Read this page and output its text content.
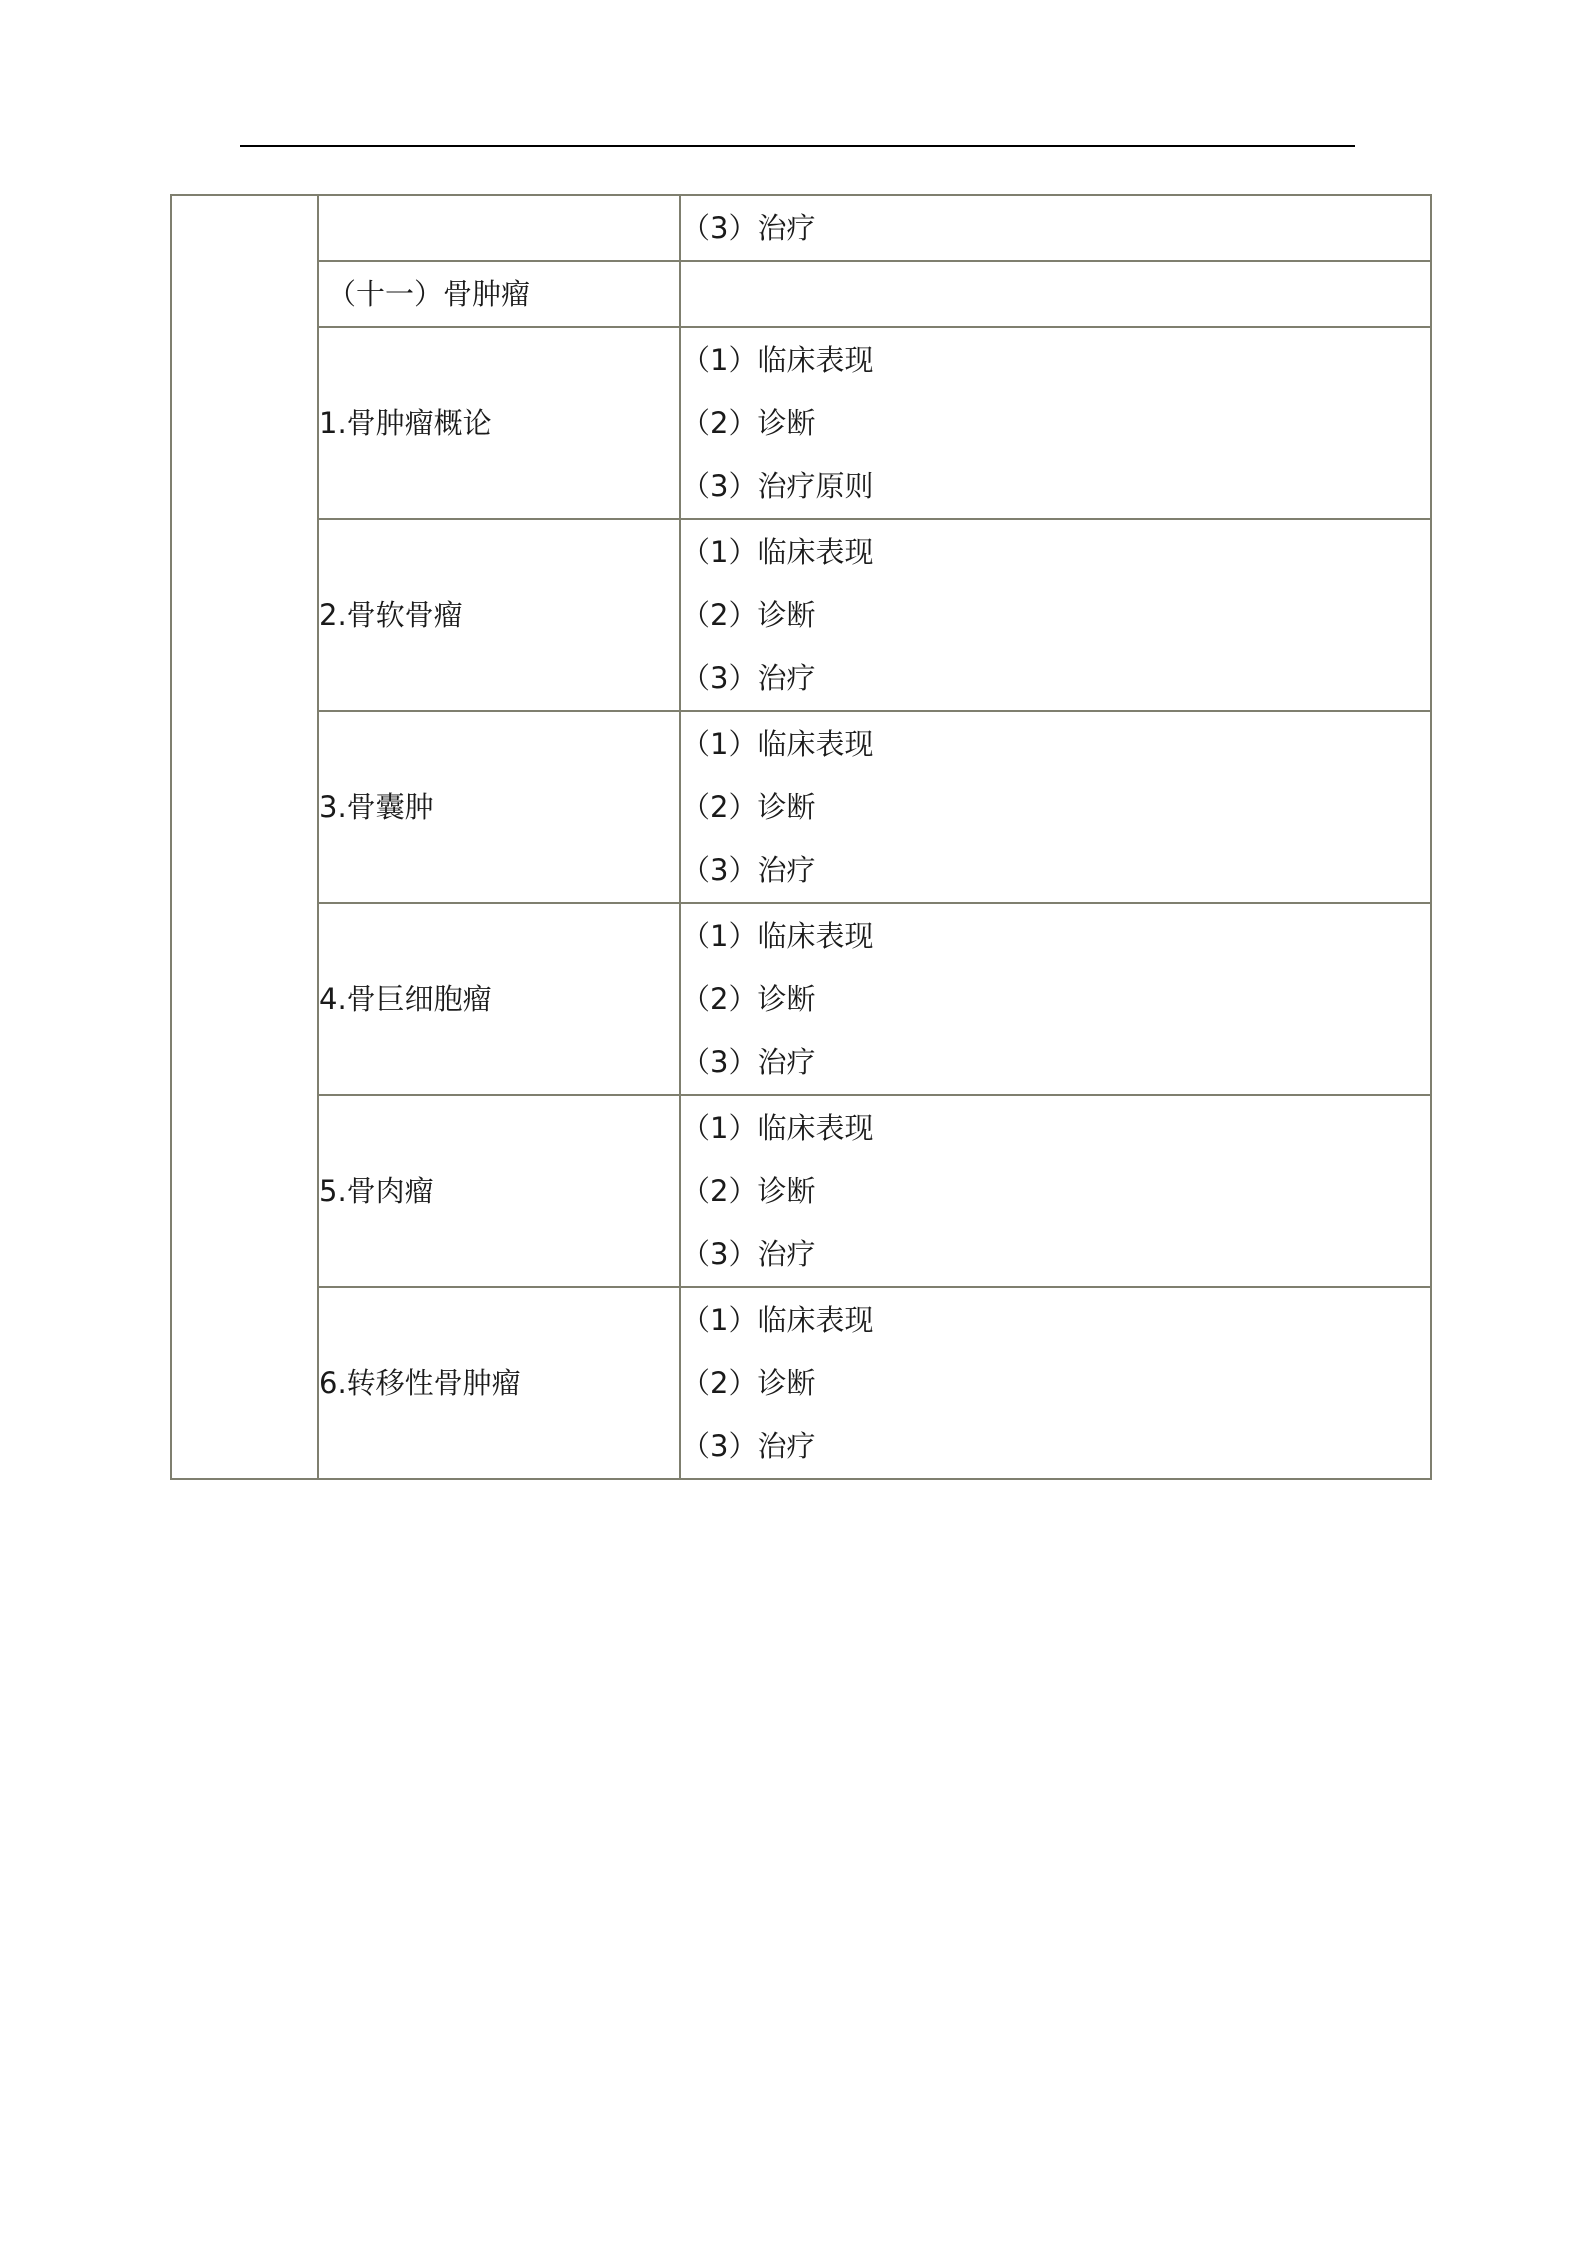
		（3）治疗

	（十一）骨肿瘤	

	1.骨肿瘤概论	（1）临床表现
（2）诊断
（3）治疗原则

	2.骨软骨瘤	（1）临床表现
（2）诊断
（3）治疗

	3.骨囊肿	（1）临床表现
（2）诊断
（3）治疗

	4.骨巨细胞瘤	（1）临床表现
（2）诊断
（3）治疗

	5.骨肉瘤	（1）临床表现
（2）诊断
（3）治疗

	6.转移性骨肿瘤	（1）临床表现
（2）诊断
（3）治疗
